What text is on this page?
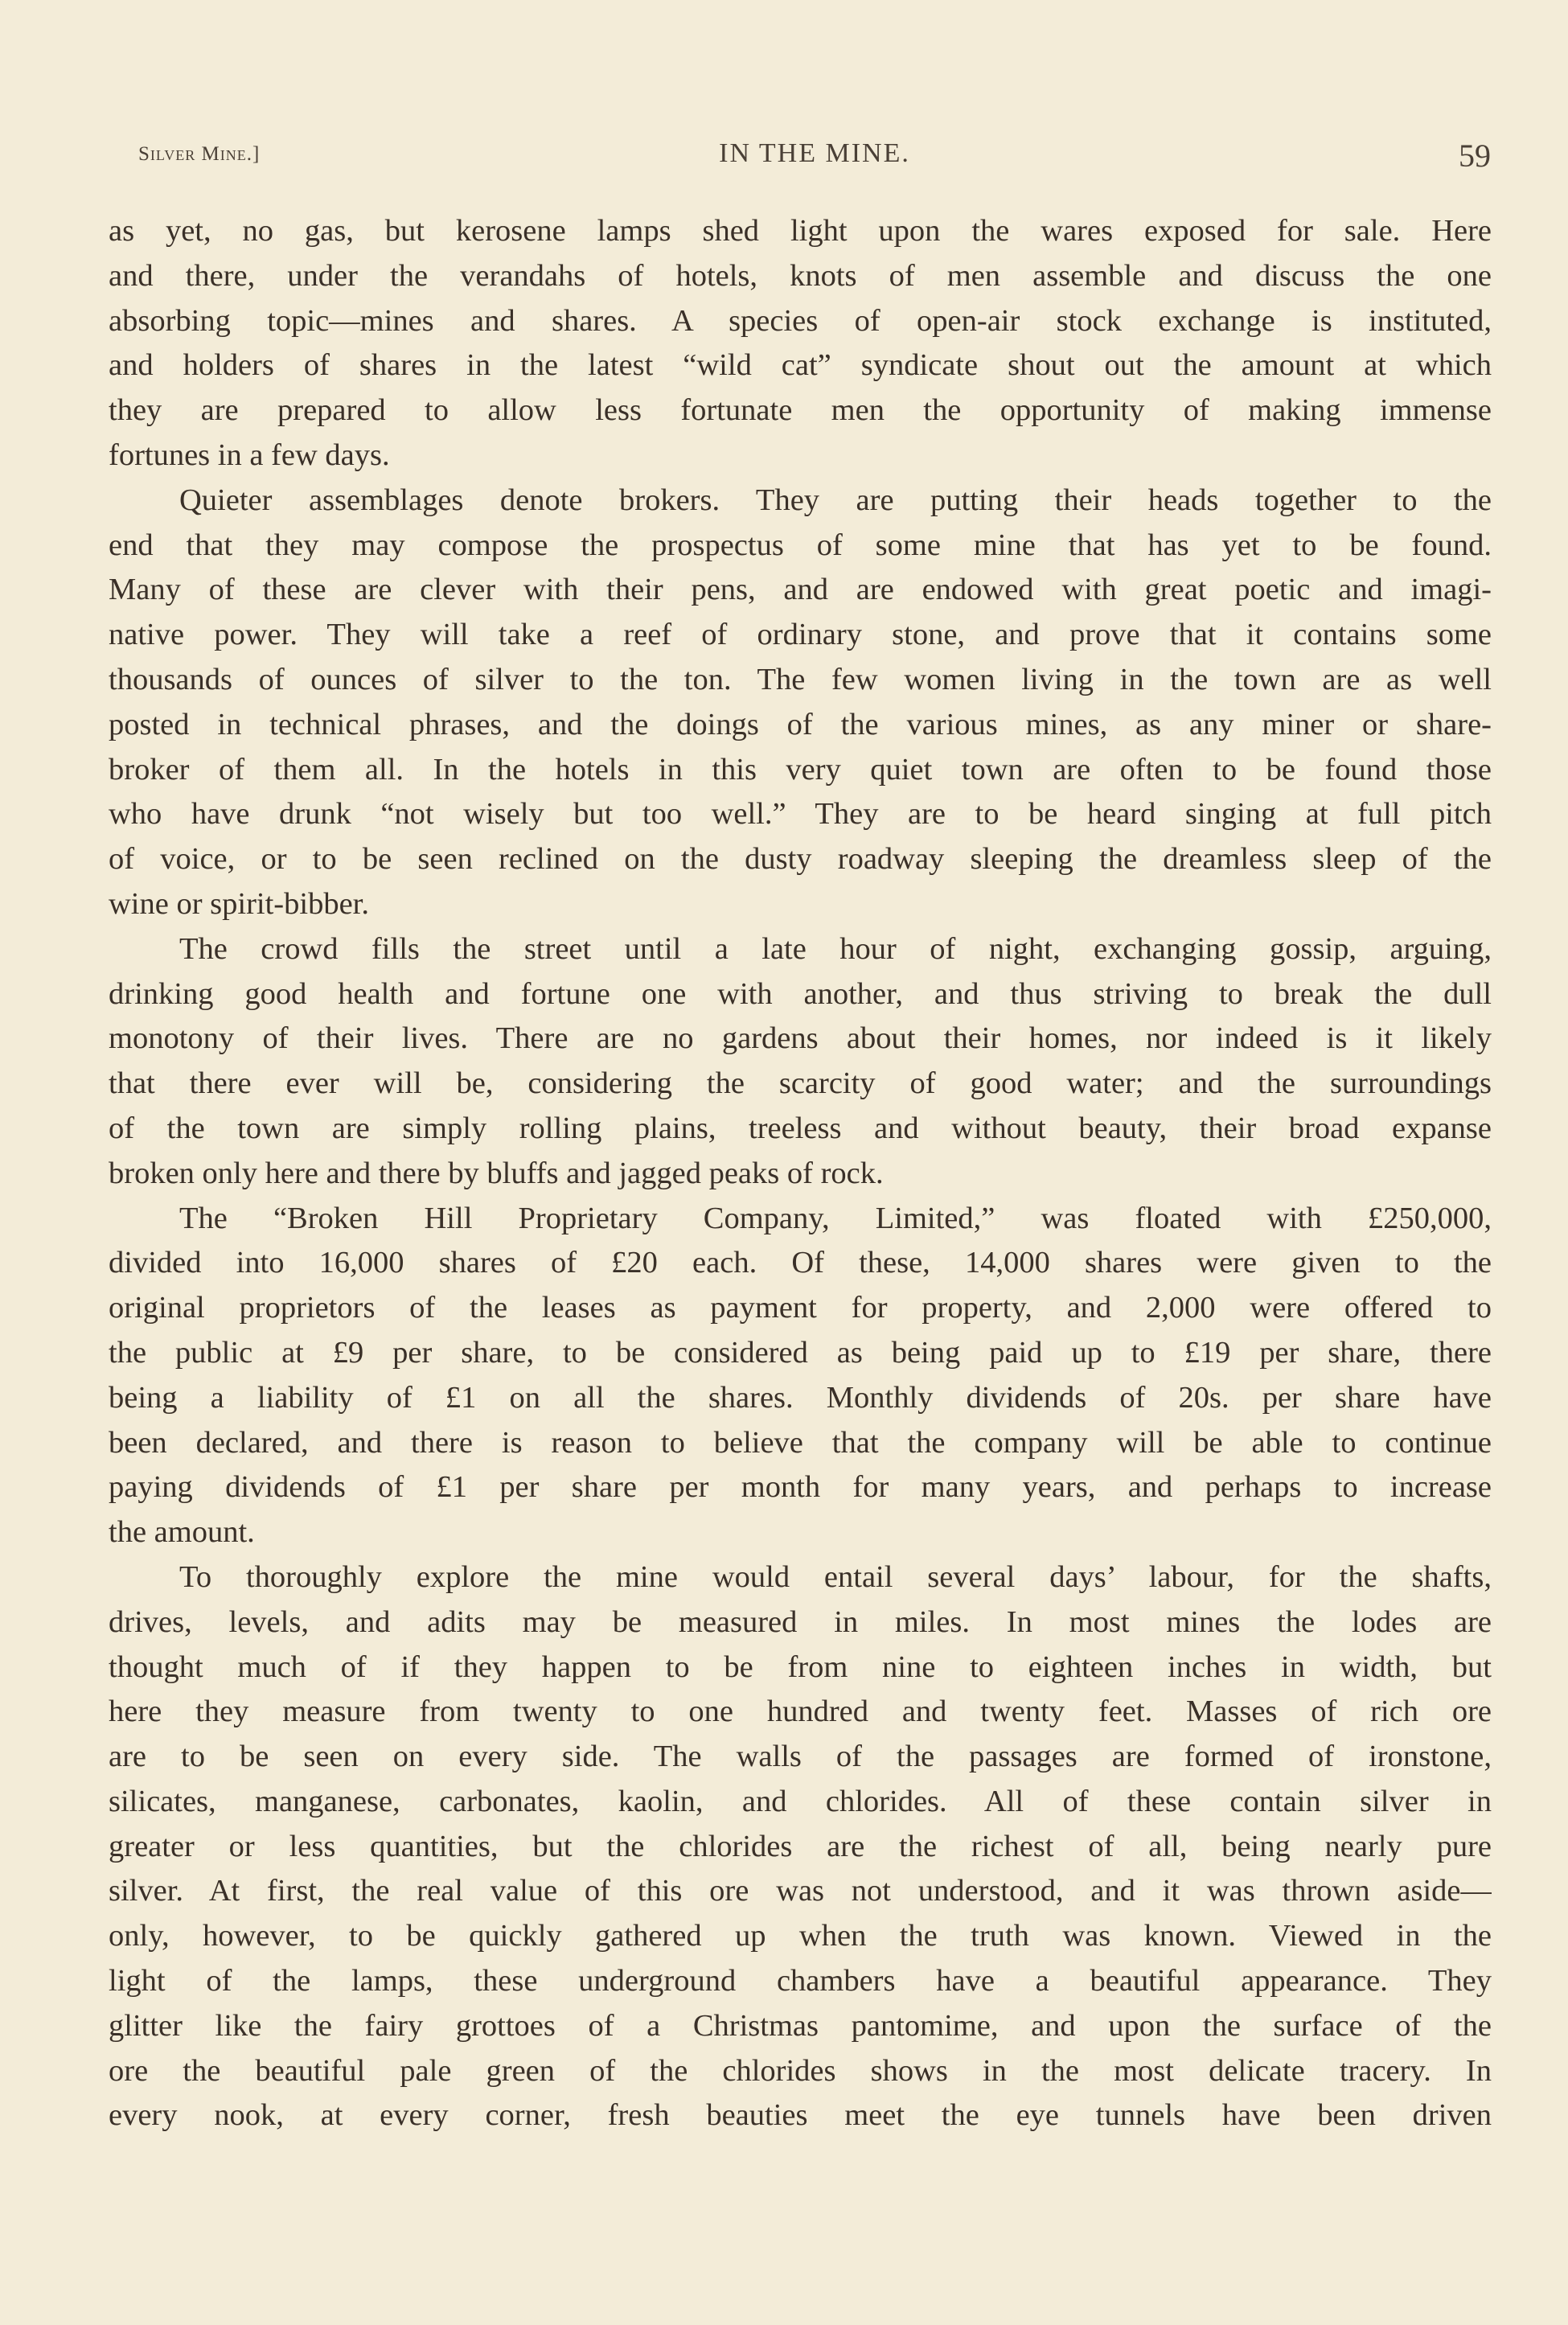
Silver Mine.]	IN THE MINE.	59
as yet, no gas, but kerosene lamps shed light upon the wares exposed for sale. Here
and there, under the verandahs of hotels, knots of men assemble and discuss the one
absorbing topic—mines and shares. A species of open-air stock exchange is instituted,
and holders of shares in the latest “wild cat” syndicate shout out the amount at which
they are prepared to allow less fortunate men the opportunity of making immense
fortunes in a few days.
Quieter assemblages denote brokers. They are putting their heads together to the
end that they may compose the prospectus of some mine that has yet to be found.
Many of these are clever with their pens, and are endowed with great poetic and imagi-
native power. They will take a reef of ordinary stone, and prove that it contains some
thousands of ounces of silver to the ton. The few women living in the town are as well
posted in technical phrases, and the doings of the various mines, as any miner or share-
broker of them all. In the hotels in this very quiet town are often to be found those
who have drunk “not wisely but too well.” They are to be heard singing at full pitch
of voice, or to be seen reclined on the dusty roadway sleeping the dreamless sleep of the
wine or spirit-bibber.
The crowd fills the street until a late hour of night, exchanging gossip, arguing,
drinking good health and fortune one with another, and thus striving to break the dull
monotony of their lives. There are no gardens about their homes, nor indeed is it likely
that there ever will be, considering the scarcity of good water; and the surroundings
of the town are simply rolling plains, treeless and without beauty, their broad expanse
broken only here and there by bluffs and jagged peaks of rock.
The “Broken Hill Proprietary Company, Limited,” was floated with £250,000,
divided into 16,000 shares of £20 each. Of these, 14,000 shares were given to the
original proprietors of the leases as payment for property, and 2,000 were offered to
the public at £9 per share, to be considered as being paid up to £19 per share, there
being a liability of £1 on all the shares. Monthly dividends of 20s. per share have
been declared, and there is reason to believe that the company will be able to continue
paying dividends of £1 per share per month for many years, and perhaps to increase
the amount.
To thoroughly explore the mine would entail several days’ labour, for the shafts,
drives, levels, and adits may be measured in miles. In most mines the lodes are
thought much of if they happen to be from nine to eighteen inches in width, but
here they measure from twenty to one hundred and twenty feet. Masses of rich ore
are to be seen on every side. The walls of the passages are formed of ironstone,
silicates, manganese, carbonates, kaolin, and chlorides. All of these contain silver in
greater or less quantities, but the chlorides are the richest of all, being nearly pure
silver. At first, the real value of this ore was not understood, and it was thrown aside—
only, however, to be quickly gathered up when the truth was known. Viewed in the
light of the lamps, these underground chambers have a beautiful appearance. They
glitter like the fairy grottoes of a Christmas pantomime, and upon the surface of the
ore the beautiful pale green of the chlorides shows in the most delicate tracery. In
every nook, at every corner, fresh beauties meet the eye tunnels have been driven
